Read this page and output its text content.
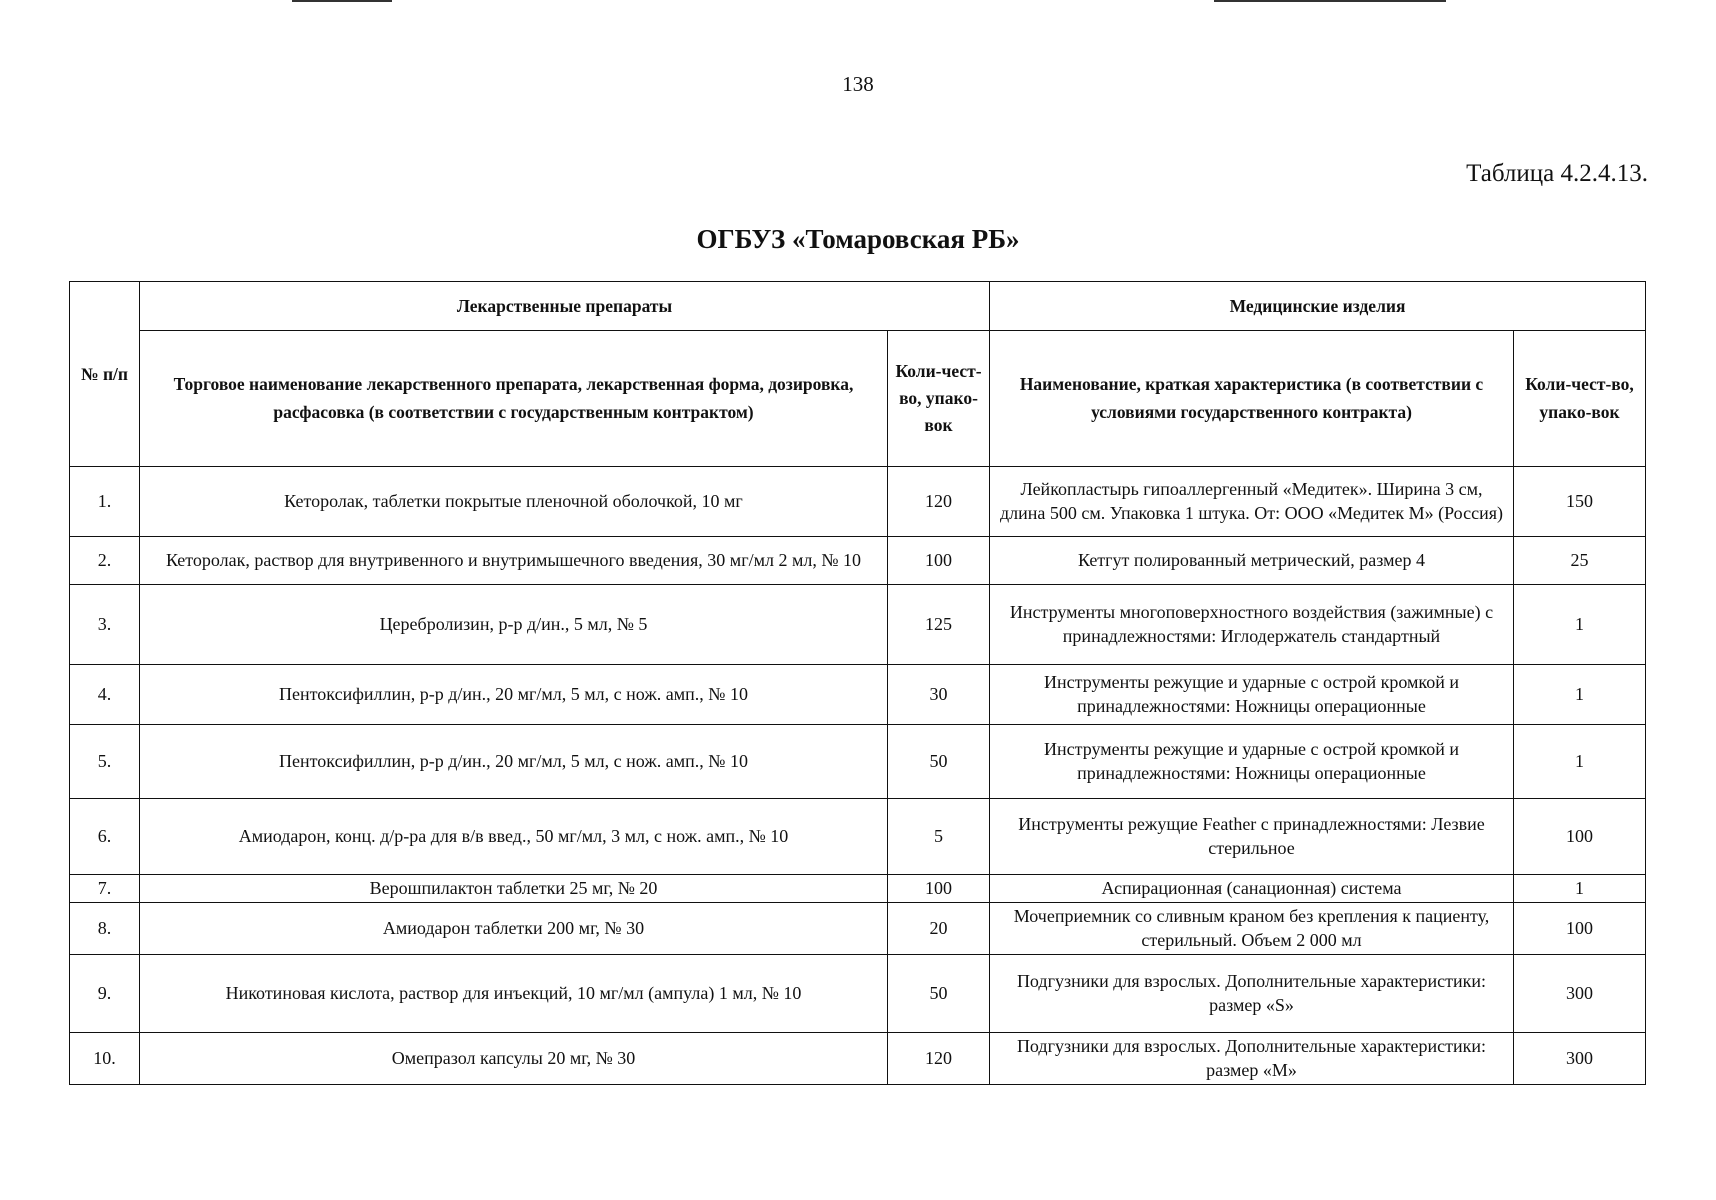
138
Таблица 4.2.4.13.
ОГБУЗ «Томаровская РБ»
№ п/п	Лекарственные препараты		Медицинские изделия	
	Торговое наименование лекарственного препарата, лекарственная форма, дозировка, расфасовка (в соответствии с государственным контрактом)	Коли-чест-во, упако-вок	Наименование, краткая характеристика (в соответствии с условиями государственного контракта)	Коли-чест-во, упако-вок
1.	Кеторолак, таблетки покрытые пленочной оболочкой, 10 мг	120	Лейкопластырь гипоаллергенный «Медитек». Ширина 3 см, длина 500 см. Упаковка 1 штука. От: ООО «Медитек М» (Россия)	150
2.	Кеторолак, раствор для внутривенного и внутримышечного введения, 30 мг/мл 2 мл, № 10	100	Кетгут полированный метрический, размер 4	25
3.	Церебролизин, р-р д/ин., 5 мл, № 5	125	Инструменты многоповерхностного воздействия (зажимные) с принадлежностями: Иглодержатель стандартный	1
4.	Пентоксифиллин, р-р д/ин., 20 мг/мл, 5 мл, с нож. амп., № 10	30	Инструменты режущие и ударные с острой кромкой и принадлежностями: Ножницы операционные	1
5.	Пентоксифиллин, р-р д/ин., 20 мг/мл, 5 мл, с нож. амп., № 10	50	Инструменты режущие и ударные с острой кромкой и принадлежностями: Ножницы операционные	1
6.	Амиодарон, конц. д/р-ра для в/в введ., 50 мг/мл, 3 мл, с нож. амп., № 10	5	Инструменты режущие Feather с принадлежностями: Лезвие стерильное	100
7.	Верошпилактон таблетки 25 мг, № 20	100	Аспирационная (санационная) система	1
8.	Амиодарон таблетки 200 мг, № 30	20	Мочеприемник со сливным краном без крепления к пациенту, стерильный. Объем 2 000 мл	100
9.	Никотиновая кислота, раствор для инъекций, 10 мг/мл (ампула) 1 мл, № 10	50	Подгузники для взрослых. Дополнительные характеристики: размер «S»	300
10.	Омепразол капсулы 20 мг, № 30	120	Подгузники для взрослых. Дополнительные характеристики: размер «М»	300
